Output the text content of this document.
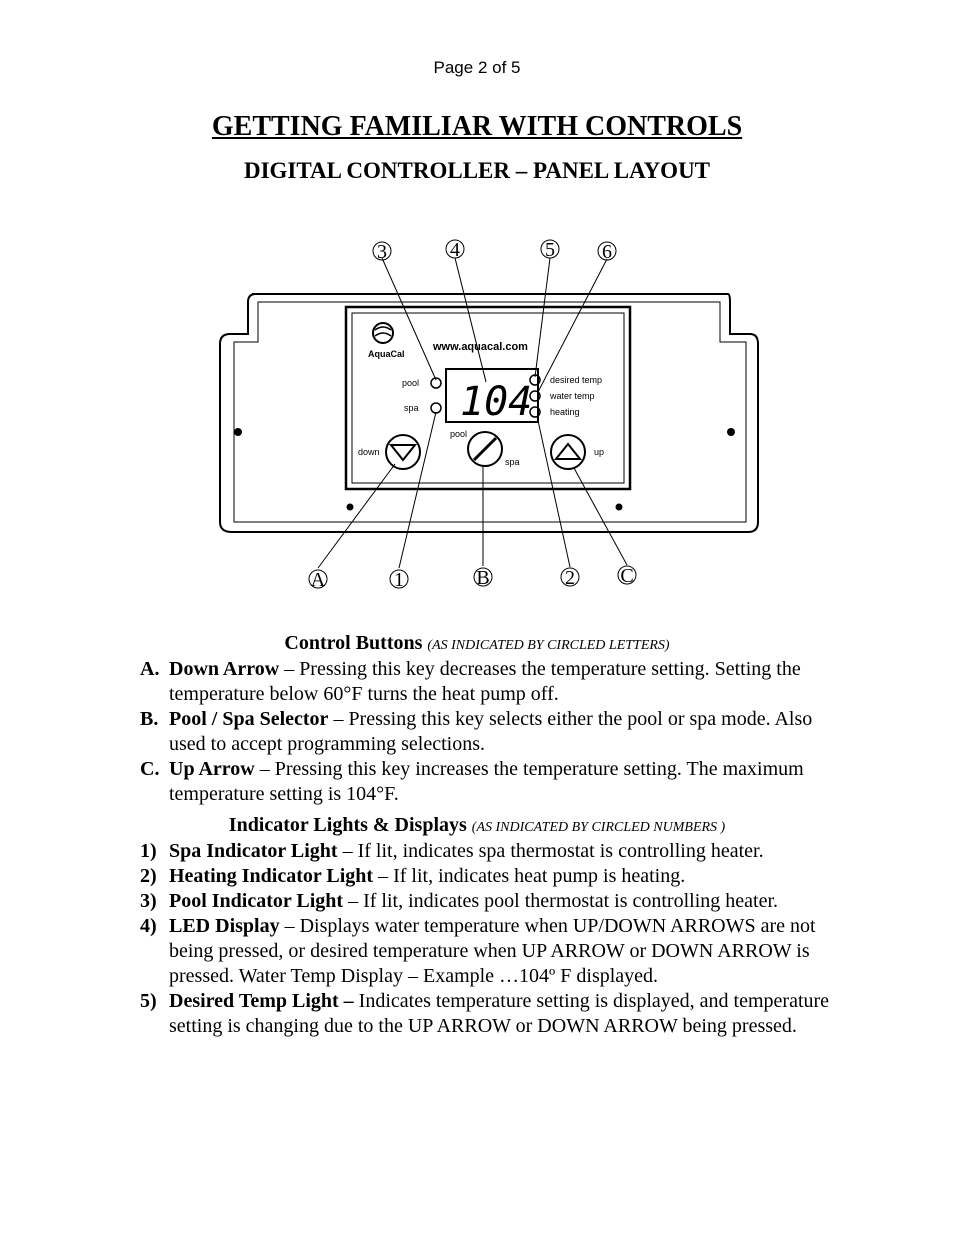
Page 2 of 5
GETTING FAMILIAR WITH CONTROLS
DIGITAL CONTROLLER – PANEL LAYOUT
AquaCal
www.aquacal.com
pool
spa 104 desired temp
water temp
heating
down
pool
spa
up
3	4	5 6
A	1	B	2 C
Control Buttons (AS INDICATED BY CIRCLED LETTERS)
A. Down Arrow – Pressing this key decreases the temperature setting. Setting the temperature below 60°F turns the heat pump off.
B. Pool / Spa Selector – Pressing this key selects either the pool or spa mode. Also used to accept programming selections.
C. Up Arrow – Pressing this key increases the temperature setting. The maximum temperature setting is 104°F.
Indicator Lights & Displays (AS INDICATED BY CIRCLED NUMBERS )
1) Spa Indicator Light – If lit, indicates spa thermostat is controlling heater.
2) Heating Indicator Light – If lit, indicates heat pump is heating.
3) Pool Indicator Light – If lit, indicates pool thermostat is controlling heater.
4) LED Display – Displays water temperature when UP/DOWN ARROWS are not being pressed, or desired temperature when UP ARROW or DOWN ARROW is pressed. Water Temp Display – Example …104º F displayed.
5) Desired Temp Light – Indicates temperature setting is displayed, and temperature setting is changing due to the UP ARROW or DOWN ARROW being pressed.
